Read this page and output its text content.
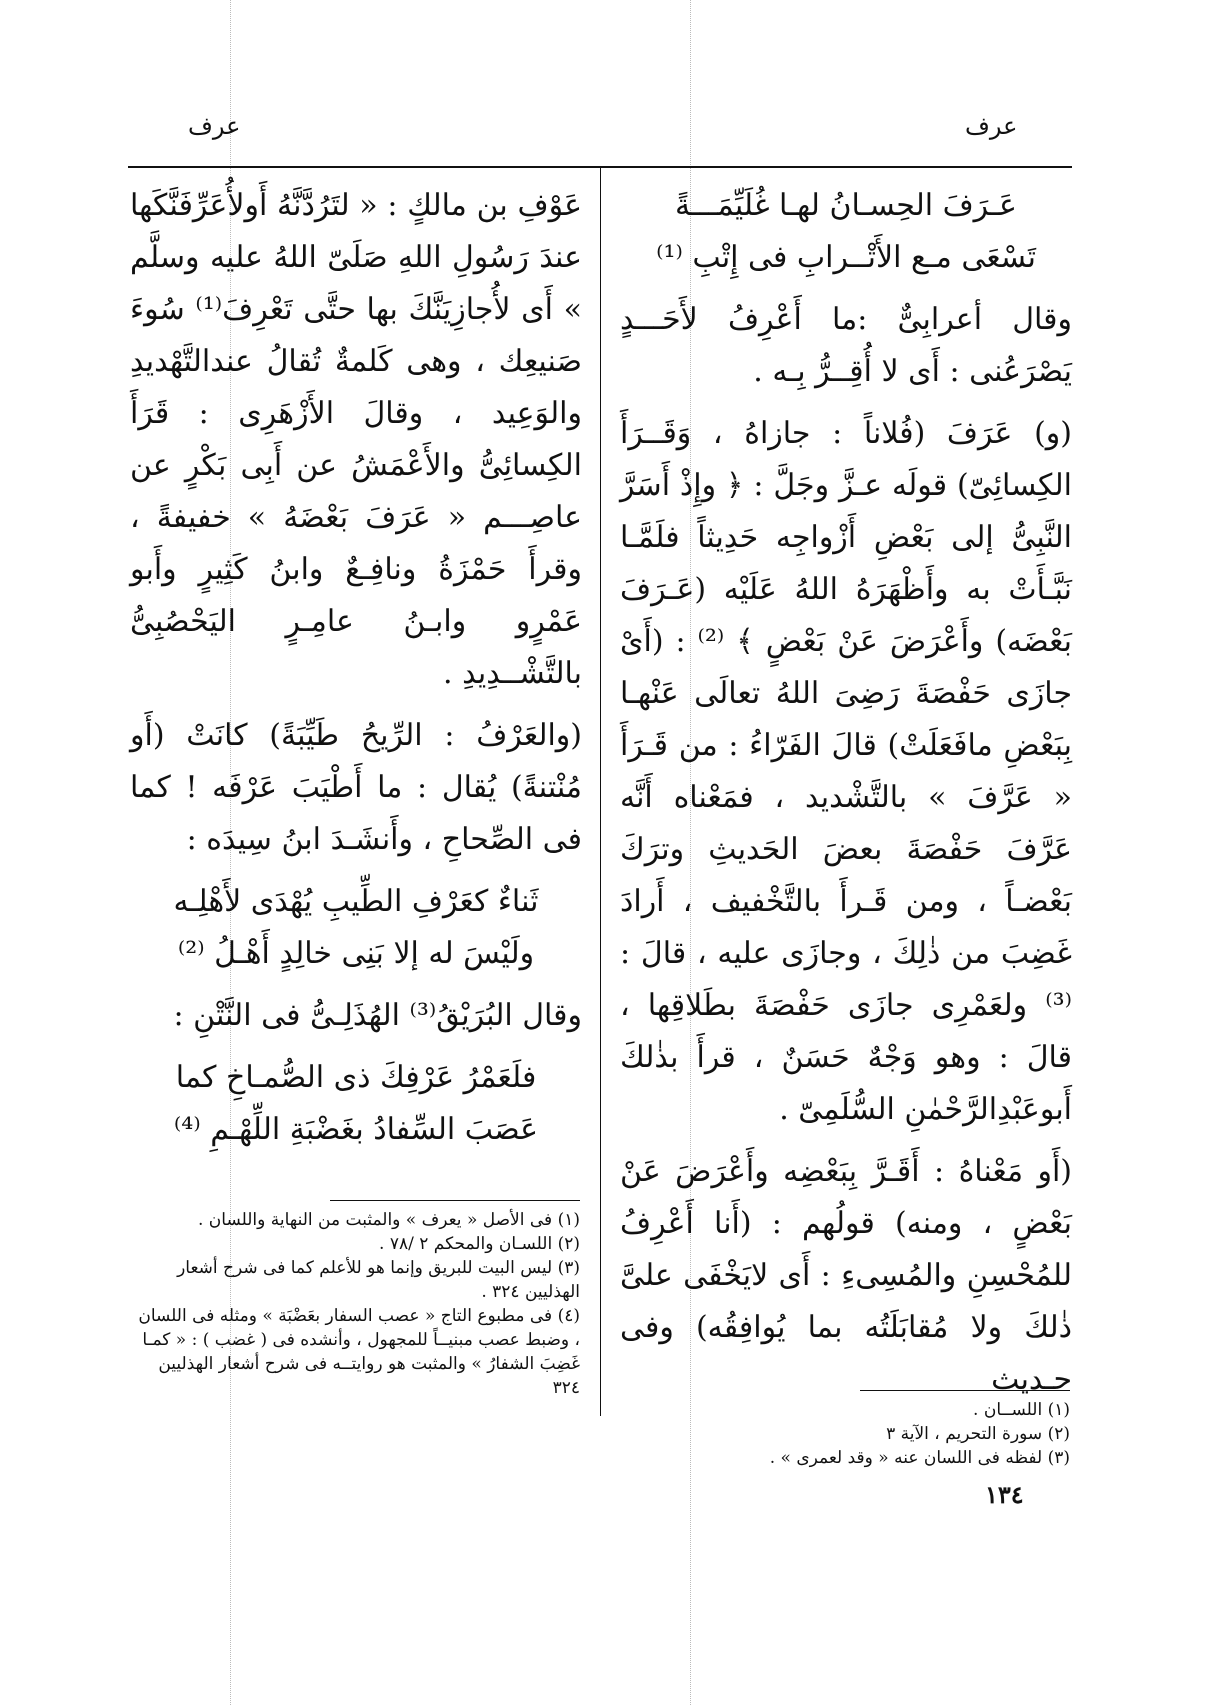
عرف
عرف
عَـرَفَ الحِسـانُ لهـا غُلَيِّمَـــةً
تَسْعَى مـع الأَتْــرابِ فى إِتْبِ ⁽¹⁾

وقال أعرابِىٌّ :ما أَعْرِفُ لأَحَـــدٍ يَصْرَعُنى : أَى لا أُقِــرُّ بِـه .

(و) عَرَفَ (فُلاناً : جازاهُ ، وَقَــرَأَ الكِسائِىّ) قولَه عـزَّ وجَلَّ : ﴿ وإِذْ أَسَرَّ النَّبِىُّ إلى بَعْضِ أَزْواجِه حَدِيثاً فلَمَّـا نَبَّـأَتْ به وأَظْهَرَهُ اللهُ عَلَيْه (عَـرَفَ بَعْضَه) وأَعْرَضَ عَنْ بَعْضٍ ﴾ ⁽²⁾ : (أَىْ جازَى حَفْصَةَ رَضِىَ اللهُ تعالَى عَنْهـا بِبَعْضِ مافَعَلَتْ) قالَ الفَرّاءُ : من قَـرَأَ « عَرَّفَ » بالتَّشْديد ، فمَعْناه أَنَّه عَرَّفَ حَفْصَةَ بعضَ الحَديثِ وترَكَ بَعْضـاً ، ومن قَـرأَ بالتَّخْفيف ، أَرادَ غَضِبَ من ذٰلِكَ ، وجازَى عليه ، قالَ :⁽³⁾ ولعَمْرِى جازَى حَفْصَةَ بطَلاقِها ، قالَ : وهو وَجْهٌ حَسَنٌ ، قرأَ بذٰلكَ أَبوعَبْدِالرَّحْمٰنِ السُّلَمِىّ .

(أَو مَعْناهُ : أَقَـرَّ بِبَعْضِه وأَعْرَضَ عَنْ بَعْضٍ ، ومنه) قولُهم : (أَنا أَعْرِفُ للمُحْسِنِ والمُسِىءِ : أَى لايَخْفَى علىَّ ذٰلكَ ولا مُقابَلَتُه بما يُوافِقُه) وفى حـديث

عَوْفِ بن مالكٍ : « لتَرُدَّنَّهُ أَولأُعَرِّفَنَّكَها عندَ رَسُولِ اللهِ صَلَىّ اللهُ عليه وسلَّم » أَى لأُجازِيَنَّكَ بها حتَّى تَعْرِفَ⁽¹⁾ سُوءَ صَنيعِك ، وهى كَلمةٌ تُقالُ عندالتَّهْديدِ والوَعِيد ، وقالَ الأَزْهَرِى : قَرَأَ الكِسائِىُّ والأَعْمَشُ عن أَبِى بَكْرٍ عن عاصِـــم « عَرَفَ بَعْضَهُ » خفيفةً ، وقرأَ حَمْزَةُ ونافِـعٌ وابنُ كَثِيرٍ وأَبو عَمْرٍو وابـنُ عامِـرٍ اليَحْصُبِىُّ بالتَّشْــدِيدِ .

(والعَرْفُ : الرِّيحُ طَيِّبَةً) كانَتْ (أَو مُنْتنةً) يُقال : ما أَطْيَبَ عَرْفَه ! كما فى الصِّحاحِ ، وأَنشَـدَ ابنُ سِيدَه :

ثَناءٌ كعَرْفِ الطِّيبِ يُهْدَى لأَهْلِـه
ولَيْسَ له إلا بَنِى خالِدٍ أَهْـلُ ⁽²⁾

وقال البُرَيْقُ⁽³⁾ الهُذَلِـىُّ فى النَّتْنِ :

فلَعَمْرُ عَرْفِكَ ذى الصُّمـاخِ كما
عَصَبَ السِّفادُ بغَضْبَةِ اللِّهْـمِ ⁽⁴⁾

(١) اللســان .

(٢) سورة التحريم ، الآية ٣

(٣) لفظه فى اللسان عنه « وقد لعمرى » .

(١) فى الأصل « يعرف » والمثبت من النهاية واللسان .

(٢) اللسـان والمحكم ٢ /٧٨ .

(٣) ليس البيت للبريق وإنما هو للأعلم كما فى شرح أشعار الهذليين ٣٢٤ .

(٤) فى مطبوع التاج « عصب السفار بعَضْبَة » ومثله فى اللسان ، وضبط عصب مبنيــاً للمجهول ، وأنشده فى ( غضب ) : « كمـا غَضِبَ الشفارُ » والمثبت هو روايتــه فى شرح أشعار الهذليين ٣٢٤

١٣٤
